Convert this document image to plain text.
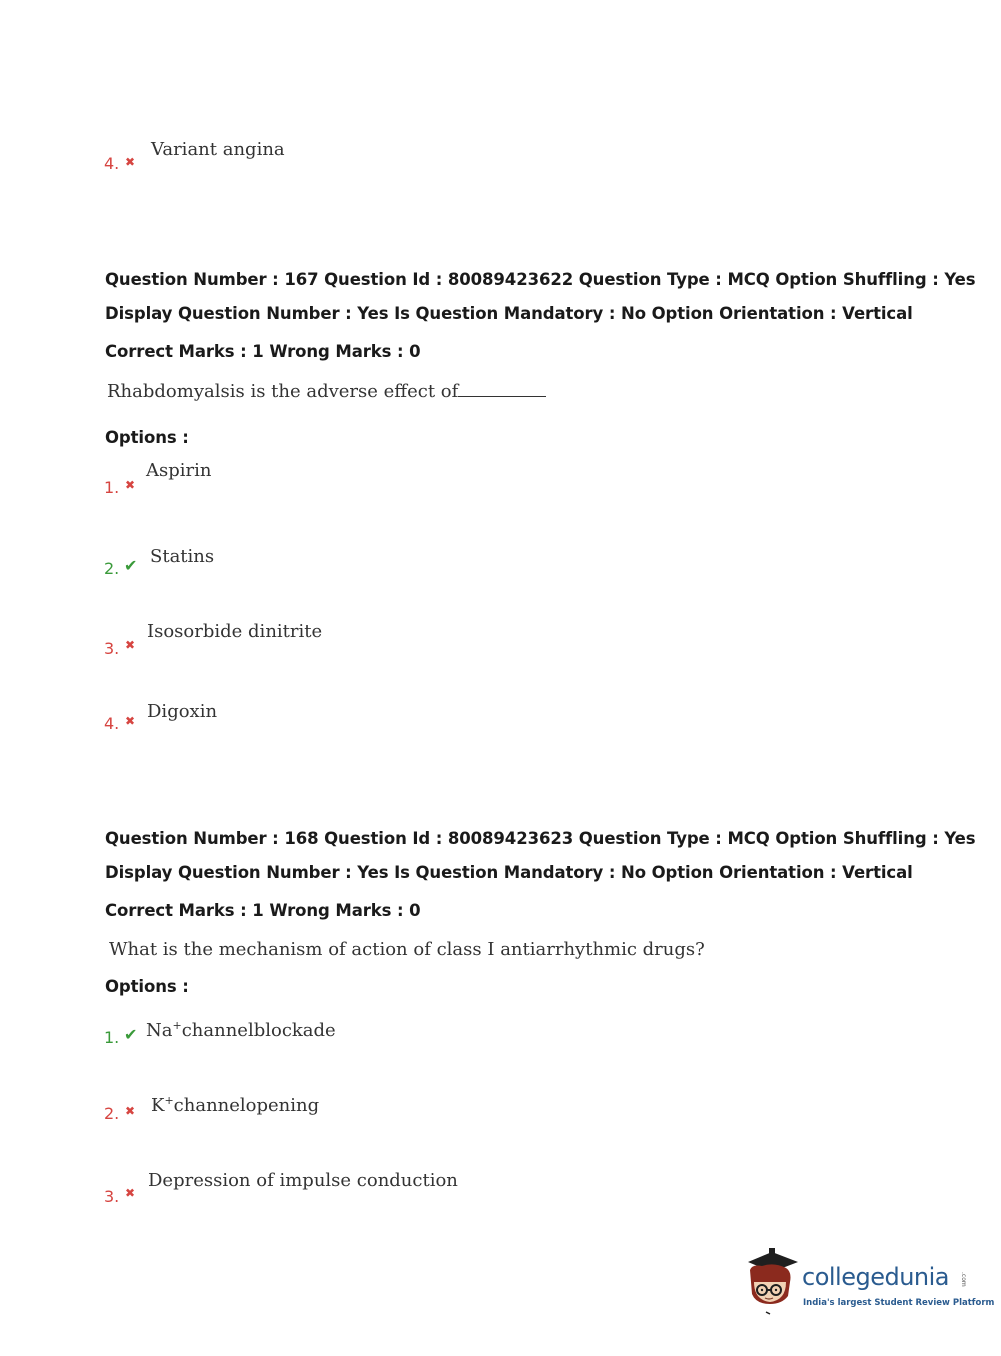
4. ✖
Variant angina
Question Number : 167 Question Id : 80089423622 Question Type : MCQ Option Shuffling : Yes
Display Question Number : Yes Is Question Mandatory : No Option Orientation : Vertical
Correct Marks : 1 Wrong Marks : 0
Rhabdomyalsis is the adverse effect of
Options :
1. ✖
Aspirin
2. ✔ Statins
3. ✖
Isosorbide dinitrite
4. ✖ Digoxin
Question Number : 168 Question Id : 80089423623 Question Type : MCQ Option Shuffling : Yes
Display Question Number : Yes Is Question Mandatory : No Option Orientation : Vertical
Correct Marks : 1 Wrong Marks : 0
What is the mechanism of action of class I antiarrhythmic drugs?
Options :
1. ✔ Na+channelblockade
2. ✖ K+channelopening
3. ✖
Depression of impulse conduction
collegedunia .com
India's largest Student Review Platform
